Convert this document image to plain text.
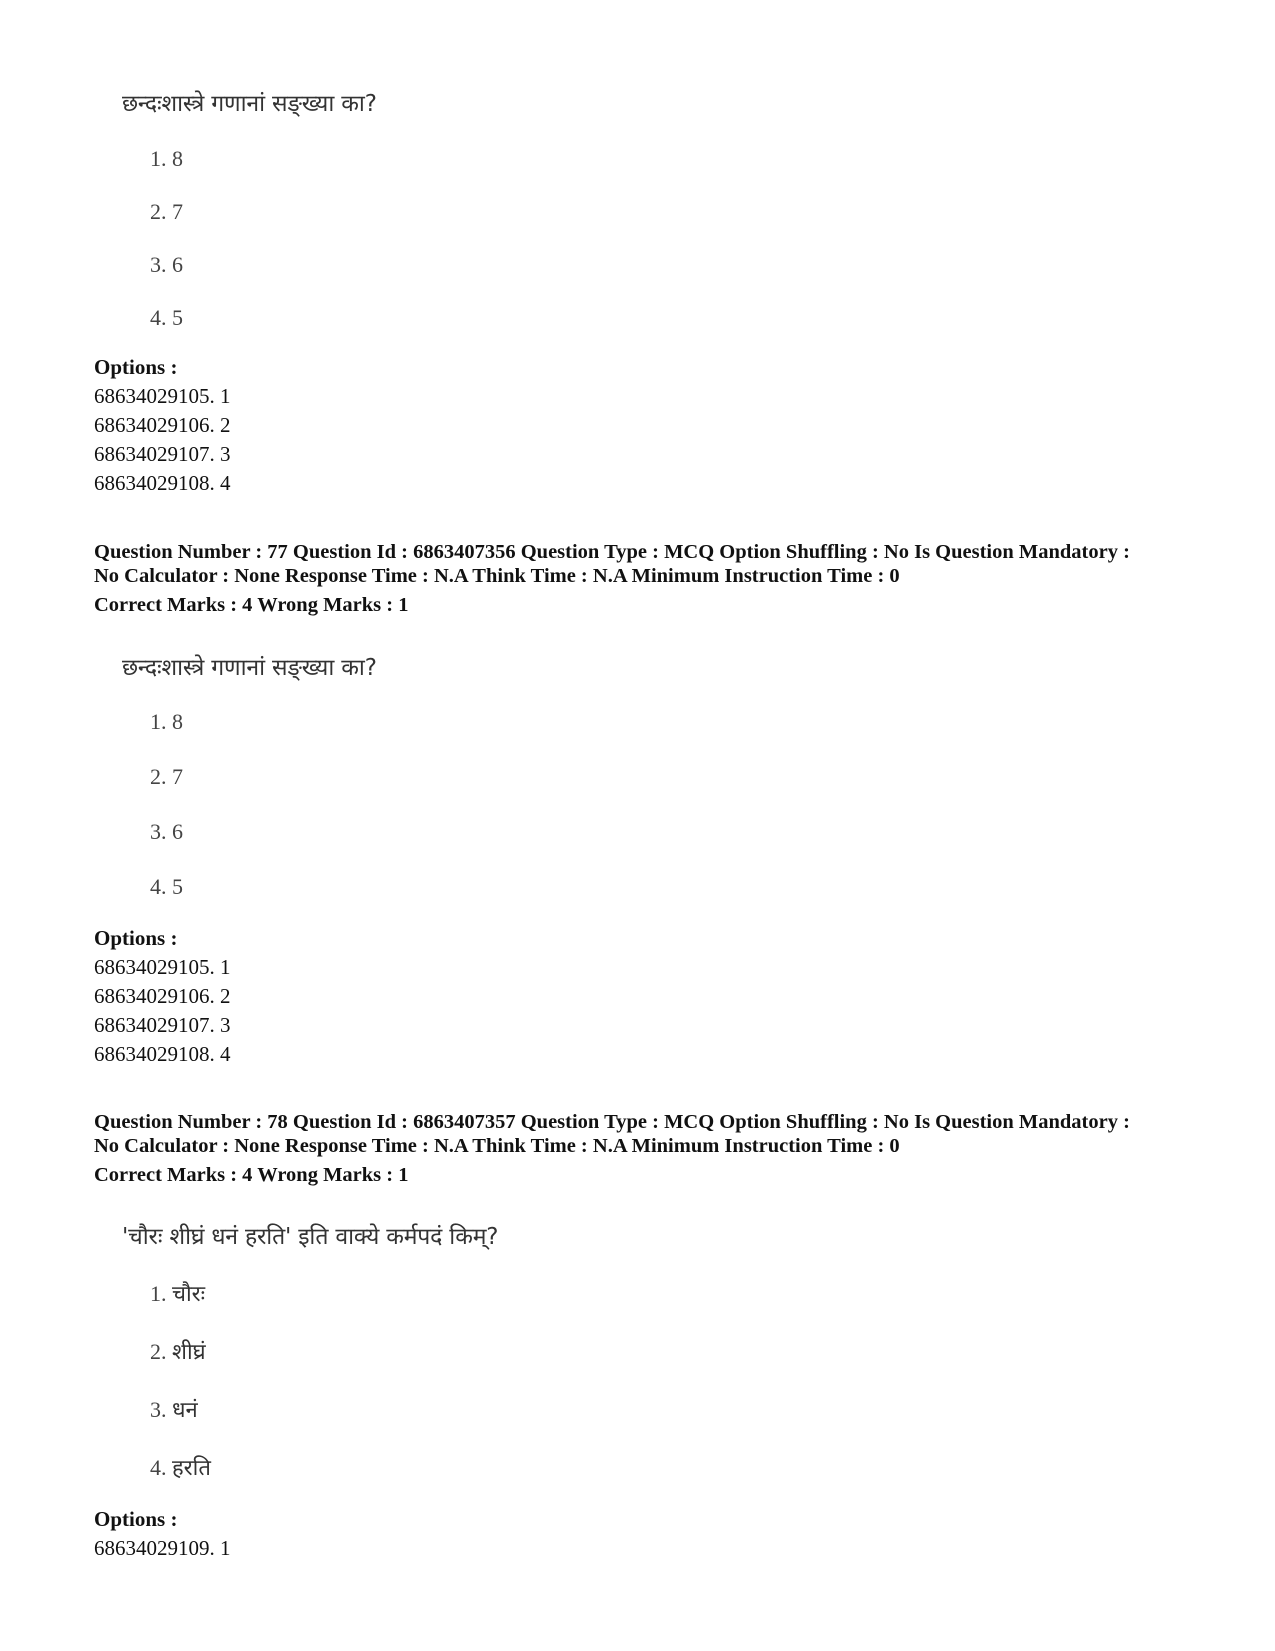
छन्दःशास्त्रे गणानां सङ्ख्या का?
1. 8
2. 7
3. 6
4. 5
Options :
68634029105. 1
68634029106. 2
68634029107. 3
68634029108. 4
Question Number : 77 Question Id : 6863407356 Question Type : MCQ Option Shuffling : No Is Question Mandatory :
No Calculator : None Response Time : N.A Think Time : N.A Minimum Instruction Time : 0
Correct Marks : 4 Wrong Marks : 1
छन्दःशास्त्रे गणानां सङ्ख्या का?
1. 8
2. 7
3. 6
4. 5
Options :
68634029105. 1
68634029106. 2
68634029107. 3
68634029108. 4
Question Number : 78 Question Id : 6863407357 Question Type : MCQ Option Shuffling : No Is Question Mandatory :
No Calculator : None Response Time : N.A Think Time : N.A Minimum Instruction Time : 0
Correct Marks : 4 Wrong Marks : 1
'चौरः शीघ्रं धनं हरति' इति वाक्ये कर्मपदं किम्?
1. चौरः
2. शीघ्रं
3. धनं
4. हरति
Options :
68634029109. 1
